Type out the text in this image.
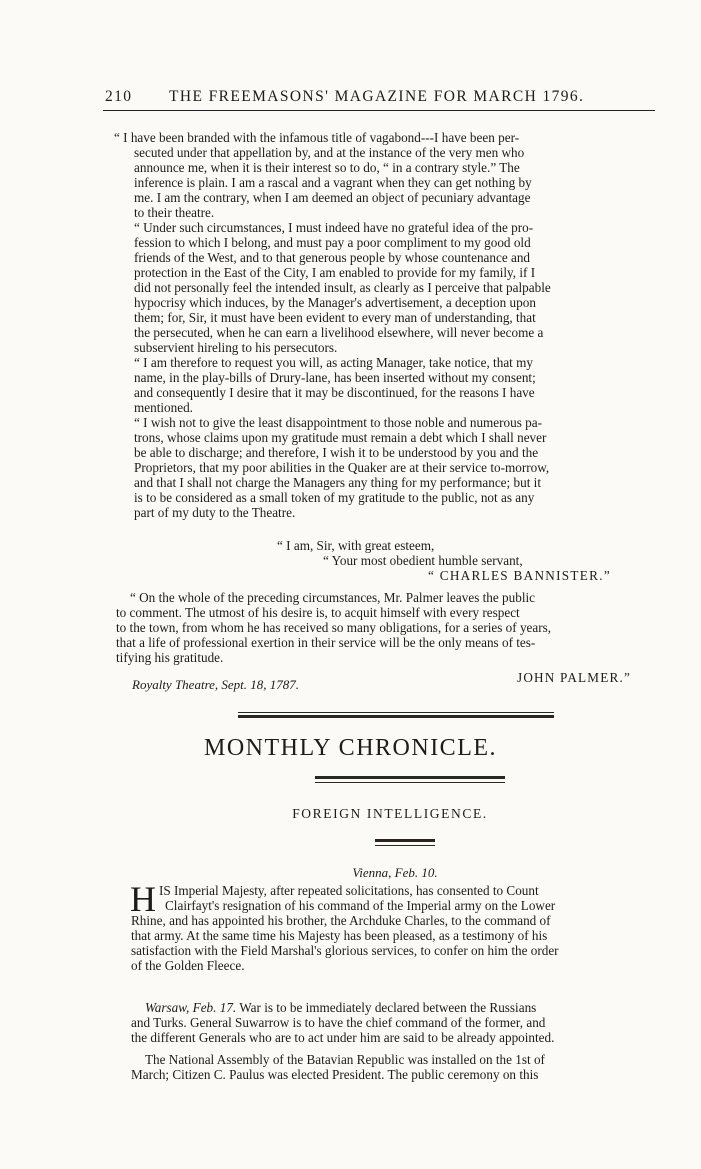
210 THE FREEMASONS' MAGAZINE FOR MARCH 1796.
“ I have been branded with the infamous title of vagabond---I have been per-
secuted under that appellation by, and at the instance of the very men who
announce me, when it is their interest so to do, “ in a contrary style.” The
inference is plain. I am a rascal and a vagrant when they can get nothing by
me. I am the contrary, when I am deemed an object of pecuniary advantage
to their theatre.
“ Under such circumstances, I must indeed have no grateful idea of the pro-
fession to which I belong, and must pay a poor compliment to my good old
friends of the West, and to that generous people by whose countenance and
protection in the East of the City, I am enabled to provide for my family, if I
did not personally feel the intended insult, as clearly as I perceive that palpable
hypocrisy which induces, by the Manager's advertisement, a deception upon
them; for, Sir, it must have been evident to every man of understanding, that
the persecuted, when he can earn a livelihood elsewhere, will never become a
subservient hireling to his persecutors.
“ I am therefore to request you will, as acting Manager, take notice, that my
name, in the play-bills of Drury-lane, has been inserted without my consent;
and consequently I desire that it may be discontinued, for the reasons I have
mentioned.
“ I wish not to give the least disappointment to those noble and numerous pa-
trons, whose claims upon my gratitude must remain a debt which I shall never
be able to discharge; and therefore, I wish it to be understood by you and the
Proprietors, that my poor abilities in the Quaker are at their service to-morrow,
and that I shall not charge the Managers any thing for my performance; but it
is to be considered as a small token of my gratitude to the public, not as any
part of my duty to the Theatre.
“ I am, Sir, with great esteem,
“ Your most obedient humble servant,
“ CHARLES BANNISTER.”
“ On the whole of the preceding circumstances, Mr. Palmer leaves the public
to comment. The utmost of his desire is, to acquit himself with every respect
to the town, from whom he has received so many obligations, for a series of years,
that a life of professional exertion in their service will be the only means of tes-
tifying his gratitude.
Royalty Theatre, Sept. 18, 1787.	JOHN PALMER.”
MONTHLY CHRONICLE.
FOREIGN INTELLIGENCE.
Vienna, Feb. 10.
H IS Imperial Majesty, after repeated solicitations, has consented to Count
Clairfayt's resignation of his command of the Imperial army on the Lower
Rhine, and has appointed his brother, the Archduke Charles, to the command of
that army. At the same time his Majesty has been pleased, as a testimony of his
satisfaction with the Field Marshal's glorious services, to confer on him the order
of the Golden Fleece.
Warsaw, Feb. 17. War is to be immediately declared between the Russians
and Turks. General Suwarrow is to have the chief command of the former, and
the different Generals who are to act under him are said to be already appointed.
The National Assembly of the Batavian Republic was installed on the 1st of
March; Citizen C. Paulus was elected President. The public ceremony on this
